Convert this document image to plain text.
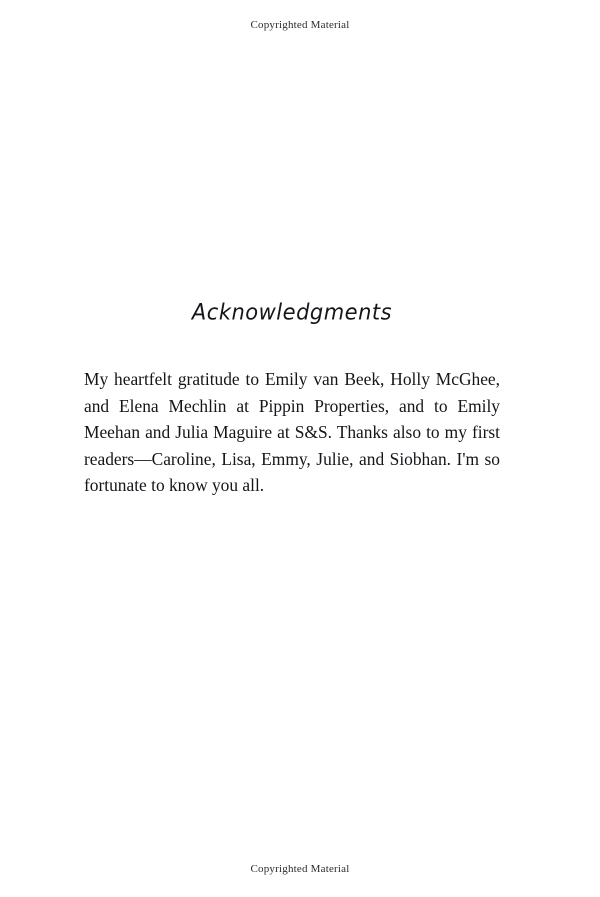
Copyrighted Material
Acknowledgments

My heartfelt gratitude to Emily van Beek, Holly McGhee, and Elena Mechlin at Pippin Properties, and to Emily Meehan and Julia Maguire at S&S. Thanks also to my first readers—Caroline, Lisa, Emmy, Julie, and Siobhan. I'm so fortunate to know you all.

Copyrighted Material
